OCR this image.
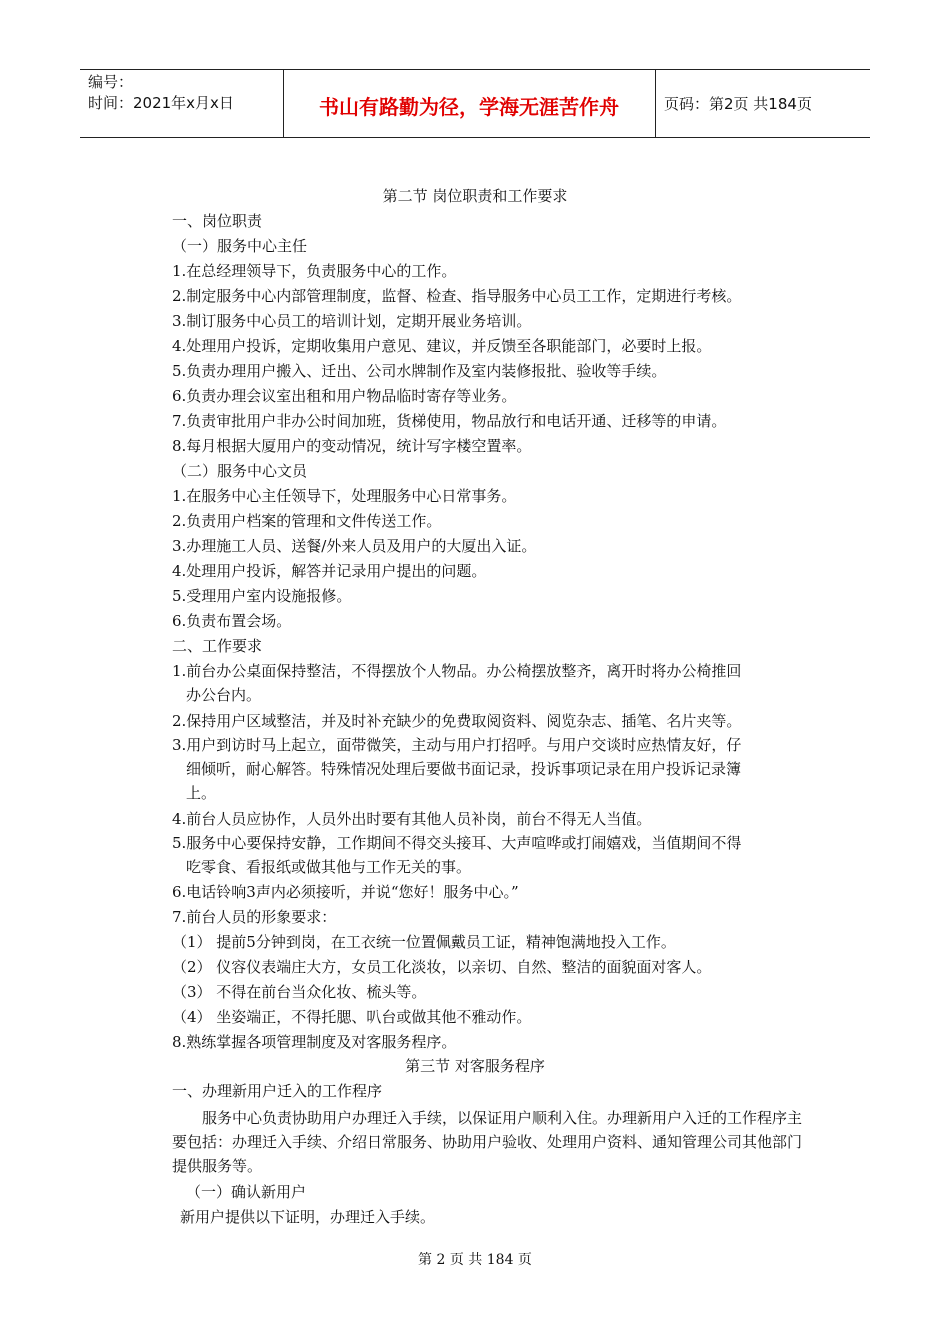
编号：
时间：2021年x月x日	书山有路勤为径，学海无涯苦作舟	页码：第2页 共184页
第二节 岗位职责和工作要求
一、岗位职责
（一）服务中心主任
1.在总经理领导下，负责服务中心的工作。
2.制定服务中心内部管理制度，监督、检查、指导服务中心员工工作，定期进行考核。
3.制订服务中心员工的培训计划，定期开展业务培训。
4.处理用户投诉，定期收集用户意见、建议，并反馈至各职能部门，必要时上报。
5.负责办理用户搬入、迁出、公司水牌制作及室内装修报批、验收等手续。
6.负责办理会议室出租和用户物品临时寄存等业务。
7.负责审批用户非办公时间加班，货梯使用，物品放行和电话开通、迁移等的申请。
8.每月根据大厦用户的变动情况，统计写字楼空置率。
（二）服务中心文员
1.在服务中心主任领导下，处理服务中心日常事务。
2.负责用户档案的管理和文件传送工作。
3.办理施工人员、送餐/外来人员及用户的大厦出入证。
4.处理用户投诉，解答并记录用户提出的问题。
5.受理用户室内设施报修。
6.负责布置会场。
二、工作要求
1.前台办公桌面保持整洁，不得摆放个人物品。办公椅摆放整齐，离开时将办公椅推回
办公台内。
2.保持用户区域整洁，并及时补充缺少的免费取阅资料、阅览杂志、插笔、名片夹等。
3.用户到访时马上起立，面带微笑，主动与用户打招呼。与用户交谈时应热情友好，仔
细倾听，耐心解答。特殊情况处理后要做书面记录，投诉事项记录在用户投诉记录簿
上。
4.前台人员应协作，人员外出时要有其他人员补岗，前台不得无人当值。
5.服务中心要保持安静，工作期间不得交头接耳、大声喧哗或打闹嬉戏，当值期间不得
吃零食、看报纸或做其他与工作无关的事。
6.电话铃响3声内必须接听，并说“您好！服务中心。”
7.前台人员的形象要求：
（1） 提前5分钟到岗，在工衣统一位置佩戴员工证，精神饱满地投入工作。
（2） 仪容仪表端庄大方，女员工化淡妆，以亲切、自然、整洁的面貌面对客人。
（3） 不得在前台当众化妆、梳头等。
（4） 坐姿端正，不得托腮、叭台或做其他不雅动作。
8.熟练掌握各项管理制度及对客服务程序。
第三节 对客服务程序
一、办理新用户迁入的工作程序
服务中心负责协助用户办理迁入手续，以保证用户顺利入住。办理新用户入迁的工作程序主要包括：办理迁入手续、介绍日常服务、协助用户验收、处理用户资料、通知管理公司其他部门提供服务等。
（一）确认新用户
新用户提供以下证明，办理迁入手续。
第 2 页 共 184 页
